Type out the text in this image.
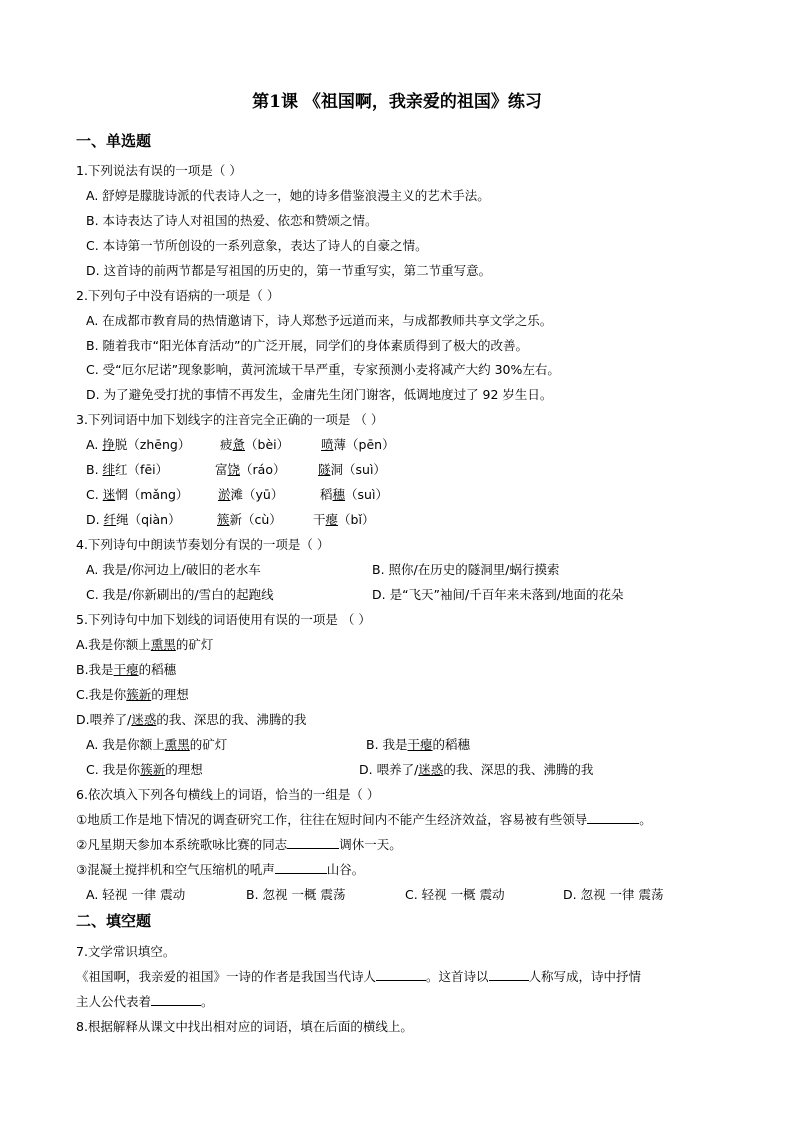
第1课 《祖国啊，我亲爱的祖国》练习
一、单选题
1.下列说法有误的一项是（ ）
A. 舒婷是朦胧诗派的代表诗人之一，她的诗多借鉴浪漫主义的艺术手法。
B. 本诗表达了诗人对祖国的热爱、依恋和赞颂之情。
C. 本诗第一节所创设的一系列意象，表达了诗人的自豪之情。
D. 这首诗的前两节都是写祖国的历史的，第一节重写实，第二节重写意。
2.下列句子中没有语病的一项是（ ）
A. 在成都市教育局的热情邀请下，诗人郑愁予远道而来，与成都教师共享文学之乐。
B. 随着我市“阳光体育活动”的广泛开展，同学们的身体素质得到了极大的改善。
C. 受“厄尔尼诺”现象影响，黄河流域干旱严重，专家预测小麦将减产大约 30%左右。
D. 为了避免受打扰的事情不再发生，金庸先生闭门谢客，低调地度过了 92 岁生日。
3.下列词语中加下划线字的注音完全正确的一项是 （ ）
A. 挣脱（zhēng） 疲惫（bèi）	喷薄（pēn）
B. 绯红（fēi）	富饶（ráo）	隧洞（suì）
C. 迷惘（mǎng） 淤滩（yū）	稻穗（suì）
D. 纤绳（qiàn）	簇新（cù） 干瘪（bǐ）
4.下列诗句中朗读节奏划分有误的一项是（ ）
A. 我是/你河边上/破旧的老水车	B. 照你/在历史的隧洞里/蜗行摸索
C. 我是/你新刷出的/雪白的起跑线	D. 是“飞天”袖间/千百年来未落到/地面的花朵
5.下列诗句中加下划线的词语使用有误的一项是 （ ）
A.我是你额上熏黑的矿灯
B.我是干瘪的稻穗
C.我是你簇新的理想
D.喂养了/迷惑的我、深思的我、沸腾的我
A. 我是你额上熏黑的矿灯	B. 我是干瘪的稻穗
C. 我是你簇新的理想	D. 喂养了/迷惑的我、深思的我、沸腾的我
6.依次填入下列各句横线上的词语，恰当的一组是（ ）
①地质工作是地下情况的调查研究工作，往往在短时间内不能产生经济效益，容易被有些领导	。
②凡星期天参加本系统歌咏比赛的同志	调休一天。
③混凝土搅拌机和空气压缩机的吼声	山谷。
A. 轻视 一律 震动	B. 忽视 一概 震荡	C. 轻视 一概 震动	D. 忽视 一律 震荡
二、填空题
7.文学常识填空。
《祖国啊，我亲爱的祖国》一诗的作者是我国当代诗人	。这首诗以	人称写成，诗中抒情
主人公代表着	。
8.根据解释从课文中找出相对应的词语，填在后面的横线上。
